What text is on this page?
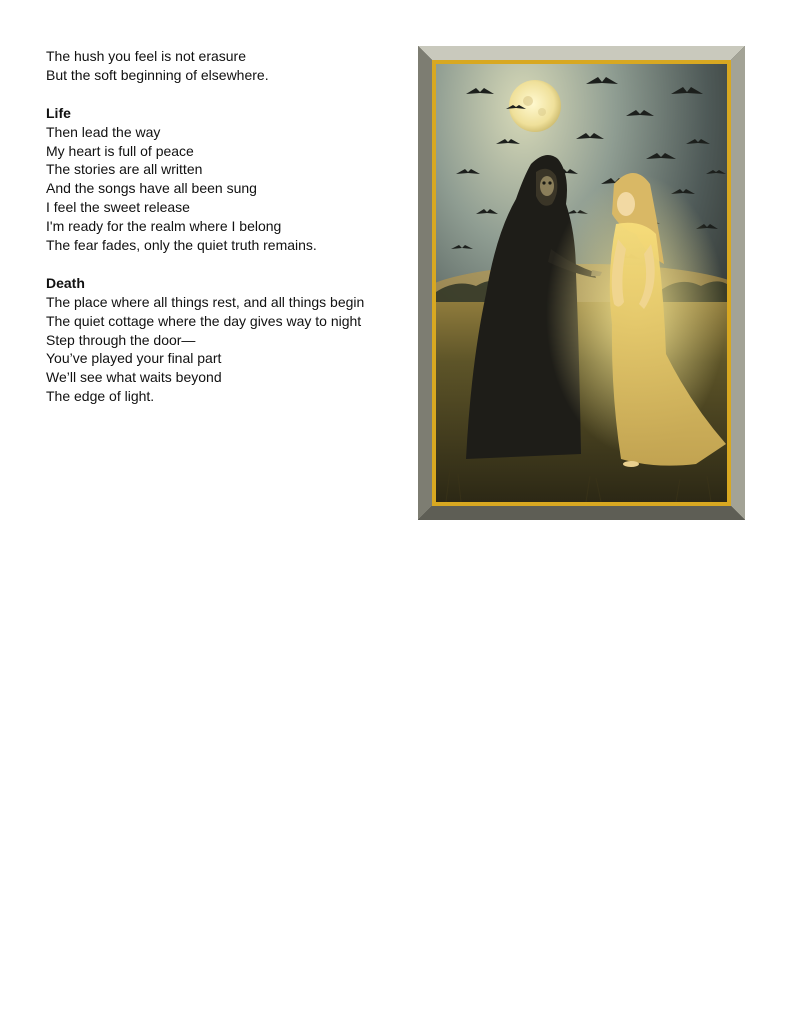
The hush you feel is not erasure
But the soft beginning of elsewhere.
Life
Then lead the way
My heart is full of peace
The stories are all written
And the songs have all been sung
I feel the sweet release
I'm ready for the realm where I belong
The fear fades, only the quiet truth remains.
Death
The place where all things rest, and all things begin
The quiet cottage where the day gives way to night
Step through the door—
You’ve played your final part
We’ll see what waits beyond
The edge of light.
